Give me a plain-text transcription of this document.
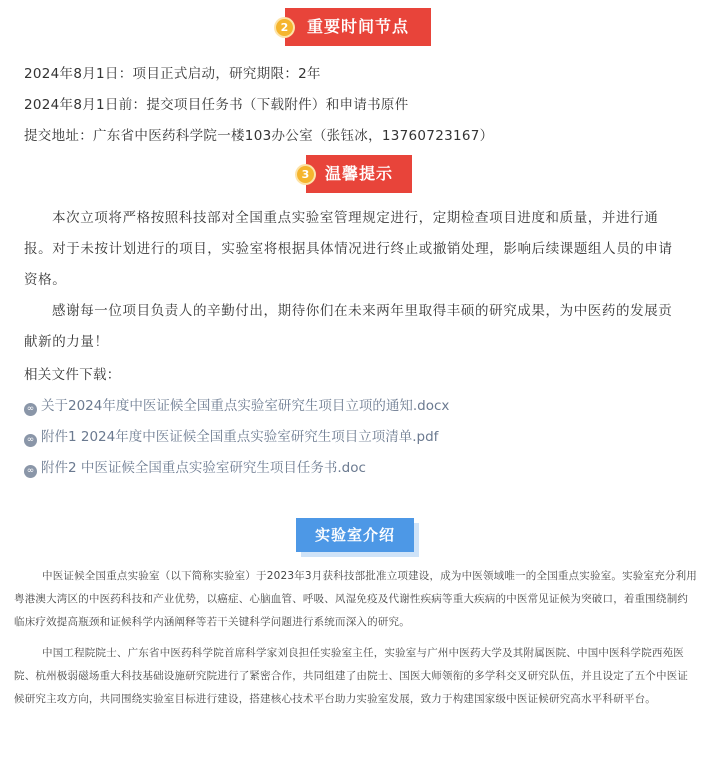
重要时间节点
2
2024年8月1日：项目正式启动，研究期限：2年
2024年8月1日前：提交项目任务书（下载附件）和申请书原件
提交地址：广东省中医药科学院一楼103办公室（张钰冰，13760723167）
温馨提示
3
本次立项将严格按照科技部对全国重点实验室管理规定进行，定期检查项目进度和质量，并进行通报。对于未按计划进行的项目，实验室将根据具体情况进行终止或撤销处理，影响后续课题组人员的申请资格。
感谢每一位项目负责人的辛勤付出，期待你们在未来两年里取得丰硕的研究成果，为中医药的发展贡献新的力量！
相关文件下载：
∞ 关于2024年度中医证候全国重点实验室研究生项目立项的通知.docx
∞ 附件1 2024年度中医证候全国重点实验室研究生项目立项清单.pdf
∞ 附件2 中医证候全国重点实验室研究生项目任务书.doc
实验室介绍
中医证候全国重点实验室（以下简称实验室）于2023年3月获科技部批准立项建设，成为中医领域唯一的全国重点实验室。实验室充分利用粤港澳大湾区的中医药科技和产业优势，以癌症、心脑血管、呼吸、风湿免疫及代谢性疾病等重大疾病的中医常见证候为突破口，着重围绕制约临床疗效提高瓶颈和证候科学内涵阐释等若干关键科学问题进行系统而深入的研究。
中国工程院院士、广东省中医药科学院首席科学家刘良担任实验室主任，实验室与广州中医药大学及其附属医院、中国中医科学院西苑医院、杭州极弱磁场重大科技基础设施研究院进行了紧密合作，共同组建了由院士、国医大师领衔的多学科交叉研究队伍，并且设定了五个中医证候研究主攻方向，共同围绕实验室目标进行建设，搭建核心技术平台助力实验室发展，致力于构建国家级中医证候研究高水平科研平台。
